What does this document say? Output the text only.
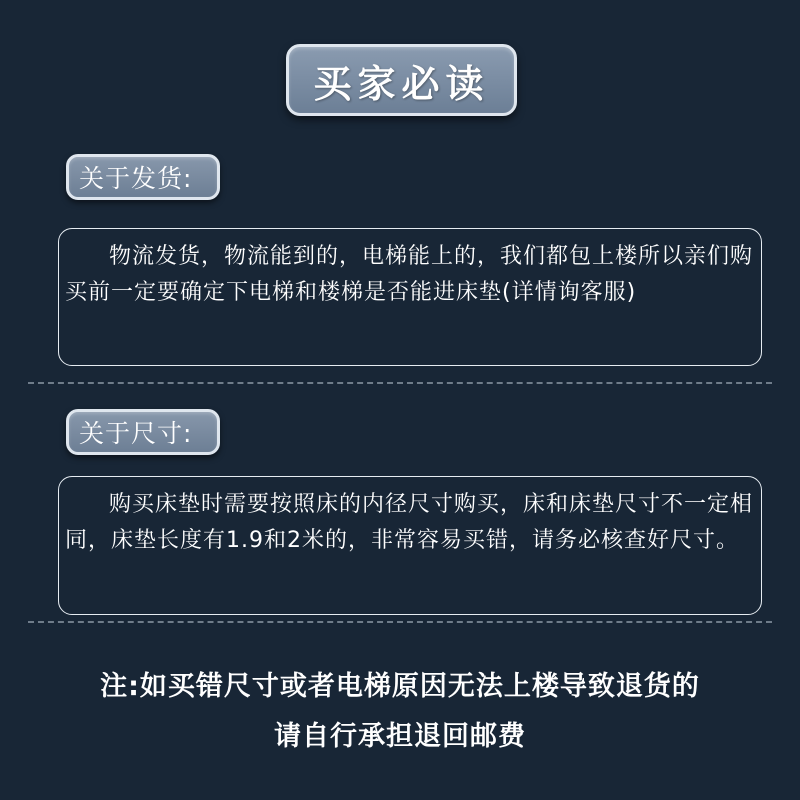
买家必读
关于发货:

物流发货，物流能到的，电梯能上的，我们都包上楼所以亲们购买前一定要确定下电梯和楼梯是否能进床垫(详情询客服)

关于尺寸:

购买床垫时需要按照床的内径尺寸购买，床和床垫尺寸不一定相同，床垫长度有1.9和2米的，非常容易买错，请务必核查好尺寸。

注:如买错尺寸或者电梯原因无法上楼导致退货的
请自行承担退回邮费
